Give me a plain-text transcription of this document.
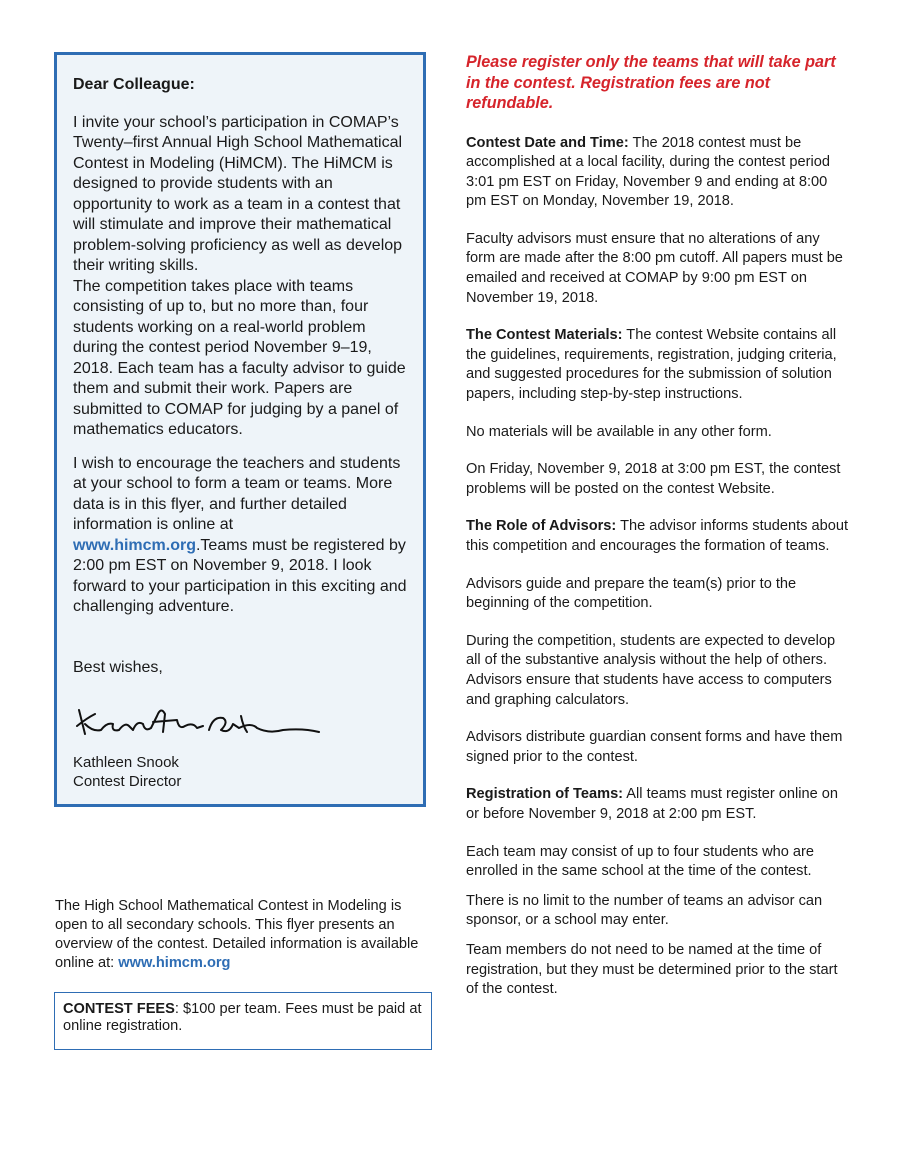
Dear Colleague:

I invite your school’s participation in COMAP’s Twenty–first Annual High School Mathematical Contest in Modeling (HiMCM). The HiMCM is designed to provide students with an opportunity to work as a team in a contest that will stimulate and improve their mathematical problem-solving proficiency as well as develop their writing skills.

The competition takes place with teams consisting of up to, but no more than, four students working on a real-world problem during the contest period November 9–19, 2018. Each team has a faculty advisor to guide them and submit their work. Papers are submitted to COMAP for judging by a panel of mathematics educators.

I wish to encourage the teachers and students at your school to form a team or teams. More data is in this flyer, and further detailed information is online at www.himcm.org.Teams must be registered by 2:00 pm EST on November 9, 2018. I look forward to your participation in this exciting and challenging adventure.

Best wishes,

Kathleen Snook

Contest Director

The High School Mathematical Contest in Modeling is open to all secondary schools. This flyer presents an overview of the contest. Detailed information is available online at: www.himcm.org

CONTEST FEES: $100 per team. Fees must be paid at online registration.

Please register only the teams that will take part in the contest. Registration fees are not refundable.

Contest Date and Time: The 2018 contest must be accomplished at a local facility, during the contest period 3:01 pm EST on Friday, November 9 and ending at 8:00 pm EST on Monday, November 19, 2018.

Faculty advisors must ensure that no alterations of any form are made after the 8:00 pm cutoff. All papers must be emailed and received at COMAP by 9:00 pm EST on November 19, 2018.

The Contest Materials: The contest Website contains all the guidelines, requirements, registration, judging criteria, and suggested procedures for the submission of solution papers, including step-by-step instructions.

No materials will be available in any other form.

On Friday, November 9, 2018 at 3:00 pm EST, the contest problems will be posted on the contest Website.

The Role of Advisors: The advisor informs students about this competition and encourages the formation of teams.

Advisors guide and prepare the team(s) prior to the beginning of the competition.

During the competition, students are expected to develop all of the substantive analysis without the help of others. Advisors ensure that students have access to computers and graphing calculators.

Advisors distribute guardian consent forms and have them signed prior to the contest.

Registration of Teams: All teams must register online on or before November 9, 2018 at 2:00 pm EST.

Each team may consist of up to four students who are enrolled in the same school at the time of the contest.

There is no limit to the number of teams an advisor can sponsor, or a school may enter.

Team members do not need to be named at the time of registration, but they must be determined prior to the start of the contest.
